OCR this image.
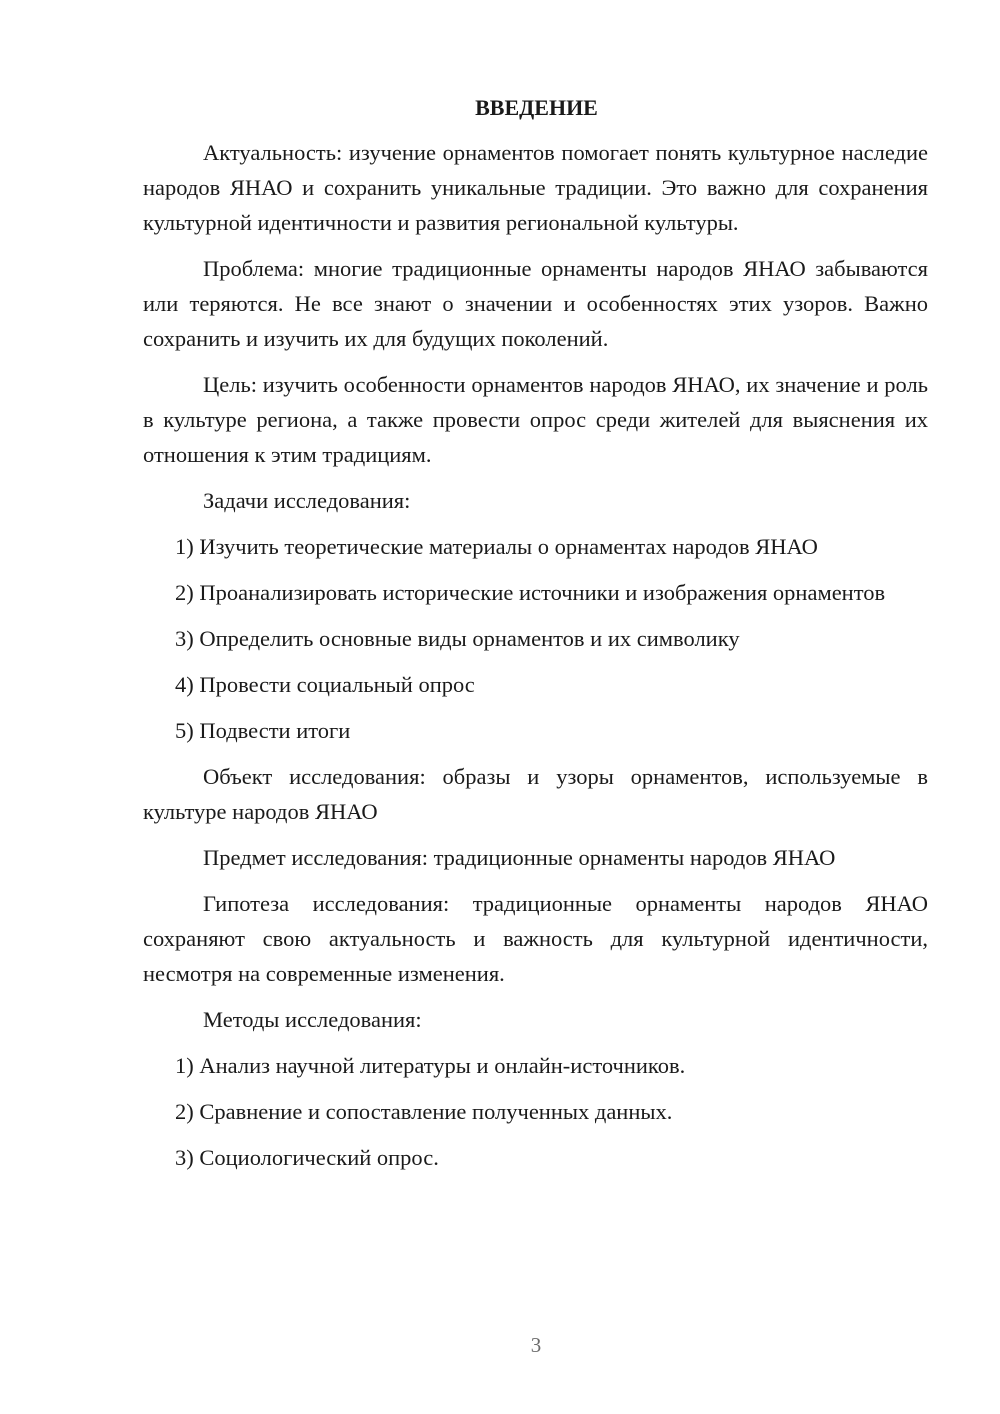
ВВЕДЕНИЕ

Актуальность: изучение орнаментов помогает понять культурное наследие народов ЯНАО и сохранить уникальные традиции. Это важно для сохранения культурной идентичности и развития региональной культуры.

Проблема: многие традиционные орнаменты народов ЯНАО забываются или теряются. Не все знают о значении и особенностях этих узоров. Важно сохранить и изучить их для будущих поколений.

Цель: изучить особенности орнаментов народов ЯНАО, их значение и роль в культуре региона, а также провести опрос среди жителей для выяснения их отношения к этим традициям.

Задачи исследования:

1) Изучить теоретические материалы о орнаментах народов ЯНАО

2) Проанализировать исторические источники и изображения орнаментов

3) Определить основные виды орнаментов и их символику

4) Провести социальный опрос

5) Подвести итоги

Объект исследования: образы и узоры орнаментов, используемые в культуре народов ЯНАО

Предмет исследования: традиционные орнаменты народов ЯНАО

Гипотеза исследования: традиционные орнаменты народов ЯНАО сохраняют свою актуальность и важность для культурной идентичности, несмотря на современные изменения.

Методы исследования:

1) Анализ научной литературы и онлайн-источников.

2) Сравнение и сопоставление полученных данных.

3) Социологический опрос.

3
